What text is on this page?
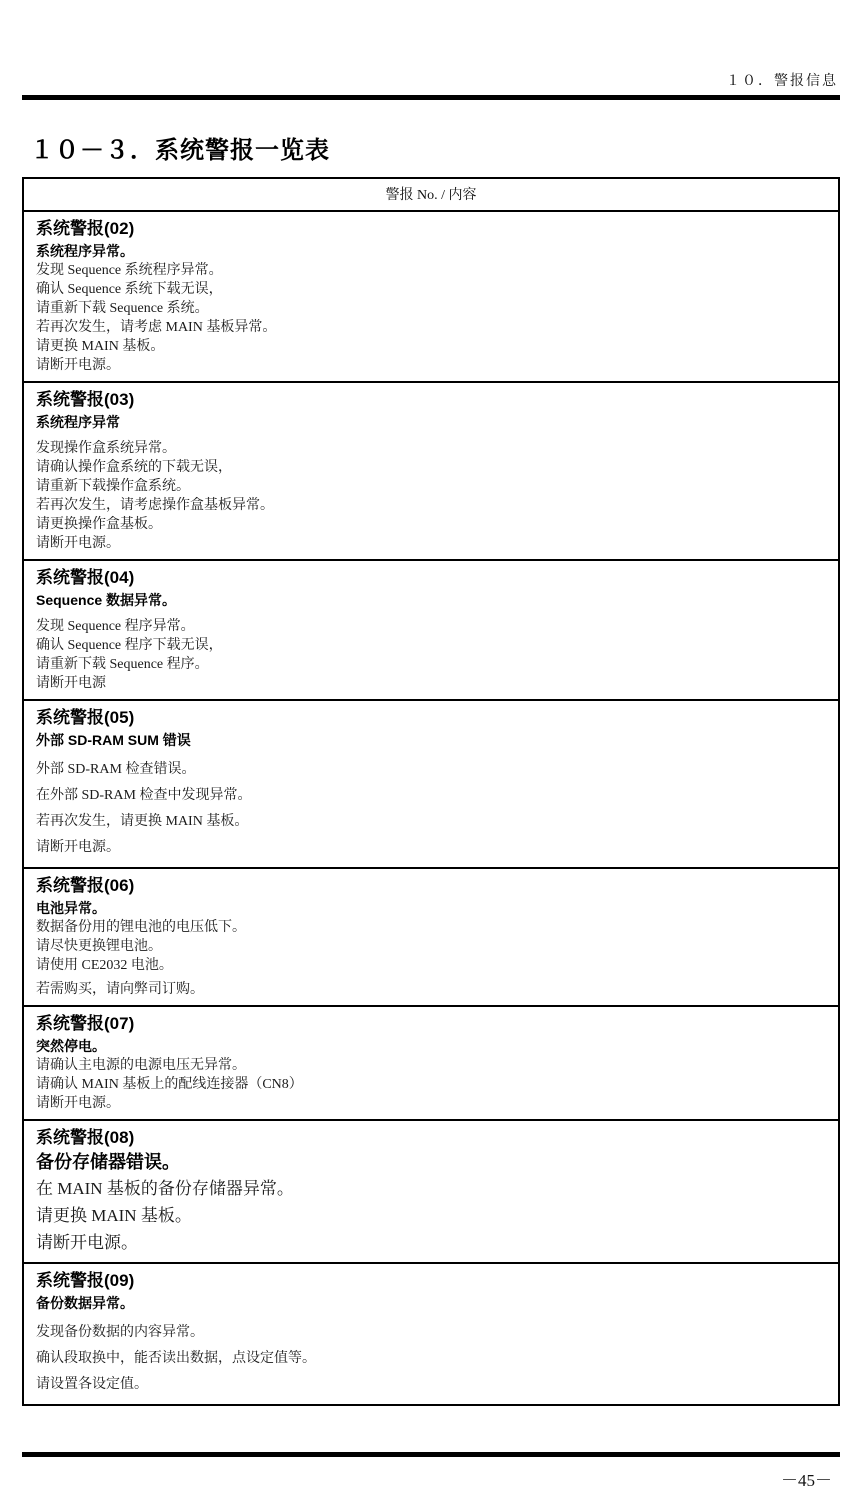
１０．警报信息
１０－３．系统警报一览表
警报 No. / 内容
系统警报(02)
系统程序异常。
发现 Sequence 系统程序异常。
确认 Sequence 系统下载无误，
请重新下载 Sequence 系统。
若再次发生，请考虑 MAIN 基板异常。
请更换 MAIN 基板。
请断开电源。
系统警报(03)
系统程序异常
发现操作盒系统异常。
请确认操作盒系统的下载无误，
请重新下载操作盒系统。
若再次发生，请考虑操作盒基板异常。
请更换操作盒基板。
请断开电源。
系统警报(04)
Sequence 数据异常。
发现 Sequence 程序异常。
确认 Sequence 程序下载无误，
请重新下载 Sequence 程序。
请断开电源
系统警报(05)
外部 SD-RAM SUM 错误
外部 SD-RAM 检查错误。
在外部 SD-RAM 检查中发现异常。
若再次发生，请更换 MAIN 基板。
请断开电源。
系统警报(06)
电池异常。
数据备份用的锂电池的电压低下。
请尽快更换锂电池。
请使用 CE2032 电池。
若需购买，请向弊司订购。
系统警报(07)
突然停电。
请确认主电源的电源电压无异常。
请确认 MAIN 基板上的配线连接器（CN8）
请断开电源。
系统警报(08)
备份存储器错误。
在 MAIN 基板的备份存储器异常。
请更换 MAIN 基板。
请断开电源。
系统警报(09)
备份数据异常。
发现备份数据的内容异常。
确认段取换中，能否读出数据，点设定值等。
请设置各设定值。
－45－
